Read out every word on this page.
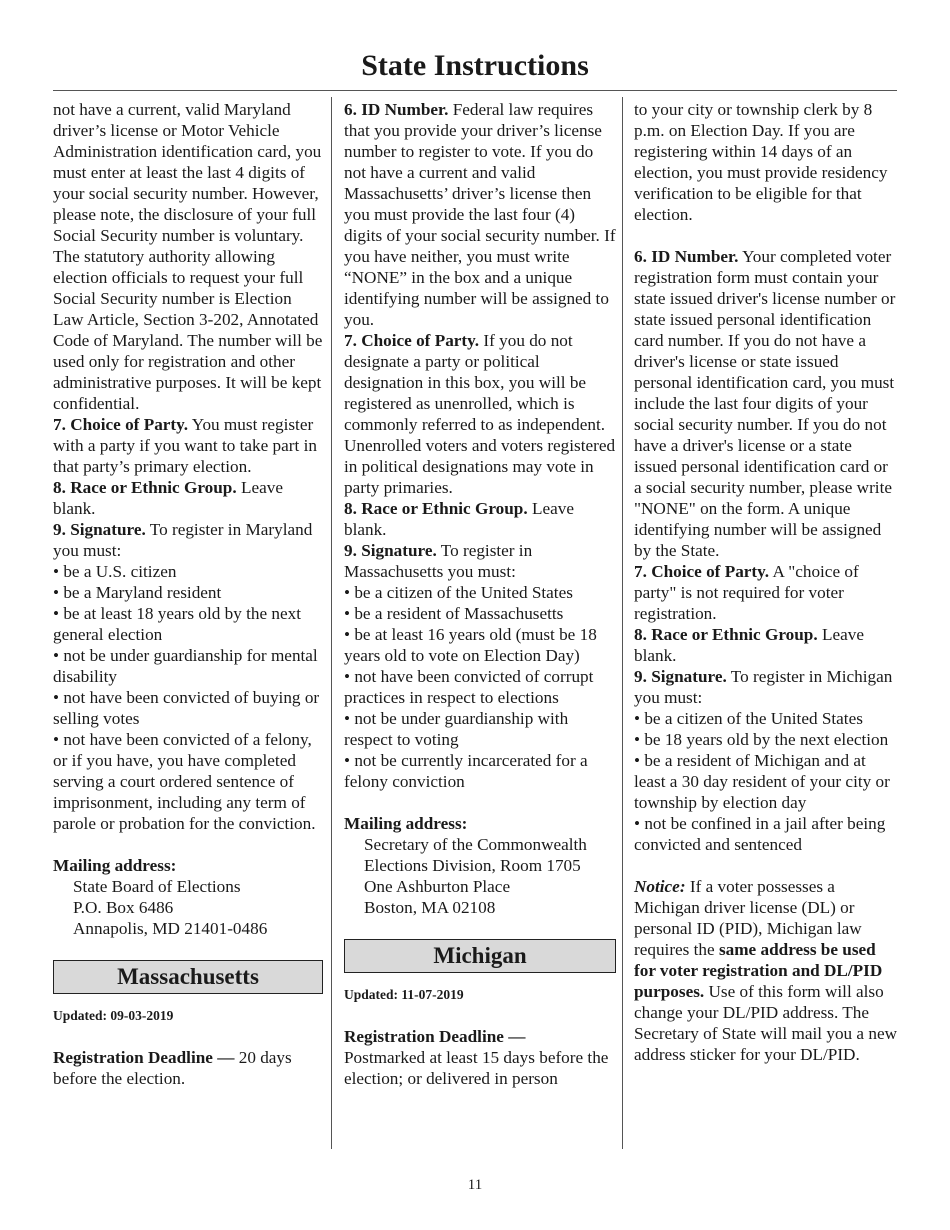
State Instructions

not have a current, valid Maryland driver’s license or Motor Vehicle Administration identification card, you must enter at least the last 4 digits of your social security number. However, please note, the disclosure of your full Social Security number is voluntary. The statutory authority allowing election officials to request your full Social Security number is Election Law Article, Section 3-202, Annotated Code of Maryland. The number will be used only for registration and other administrative purposes. It will be kept confidential.

7. Choice of Party. You must register with a party if you want to take part in that party’s primary election.

8. Race or Ethnic Group. Leave blank.

9. Signature. To register in Maryland you must:

• be a U.S. citizen

• be a Maryland resident

• be at least 18 years old by the next general election

• not be under guardianship for mental disability

• not have been convicted of buying or selling votes

• not have been convicted of a felony, or if you have, you have completed serving a court ordered sentence of imprisonment, including any term of parole or probation for the conviction.

Mailing address:

State Board of Elections

P.O. Box 6486

Annapolis, MD 21401-0486

Massachusetts

Updated: 09-03-2019

Registration Deadline — 20 days before the election.

6. ID Number. Federal law requires that you provide your driver’s license number to register to vote. If you do not have a current and valid Massachusetts’ driver’s license then you must provide the last four (4) digits of your social security number. If you have neither, you must write “NONE” in the box and a unique identifying number will be assigned to you.

7. Choice of Party. If you do not designate a party or political designation in this box, you will be registered as unenrolled, which is commonly referred to as independent. Unenrolled voters and voters registered in political designations may vote in party primaries.

8. Race or Ethnic Group. Leave blank.

9. Signature. To register in Massachusetts you must:

• be a citizen of the United States

• be a resident of Massachusetts

• be at least 16 years old (must be 18 years old to vote on Election Day)

• not have been convicted of corrupt practices in respect to elections

• not be under guardianship with respect to voting

• not be currently incarcerated for a felony conviction

Mailing address:

Secretary of the Commonwealth

Elections Division, Room 1705

One Ashburton Place

Boston, MA 02108

Michigan

Updated: 11-07-2019

Registration Deadline —
Postmarked at least 15 days before the election; or delivered in person

to your city or township clerk by 8 p.m. on Election Day. If you are registering within 14 days of an election, you must provide residency verification to be eligible for that election.

6. ID Number. Your completed voter registration form must contain your state issued driver's license number or state issued personal identification card number. If you do not have a driver's license or state issued personal identification card, you must include the last four digits of your social security number. If you do not have a driver's license or a state issued personal identification card or a social security number, please write "NONE" on the form. A unique identifying number will be assigned by the State.

7. Choice of Party. A "choice of party" is not required for voter registration.

8. Race or Ethnic Group. Leave blank.

9. Signature. To register in Michigan you must:

• be a citizen of the United States

• be 18 years old by the next election

• be a resident of Michigan and at least a 30 day resident of your city or township by election day

• not be confined in a jail after being convicted and sentenced

Notice: If a voter possesses a Michigan driver license (DL) or personal ID (PID), Michigan law requires the same address be used for voter registration and DL/PID purposes. Use of this form will also change your DL/PID address. The Secretary of State will mail you a new address sticker for your DL/PID.

11
